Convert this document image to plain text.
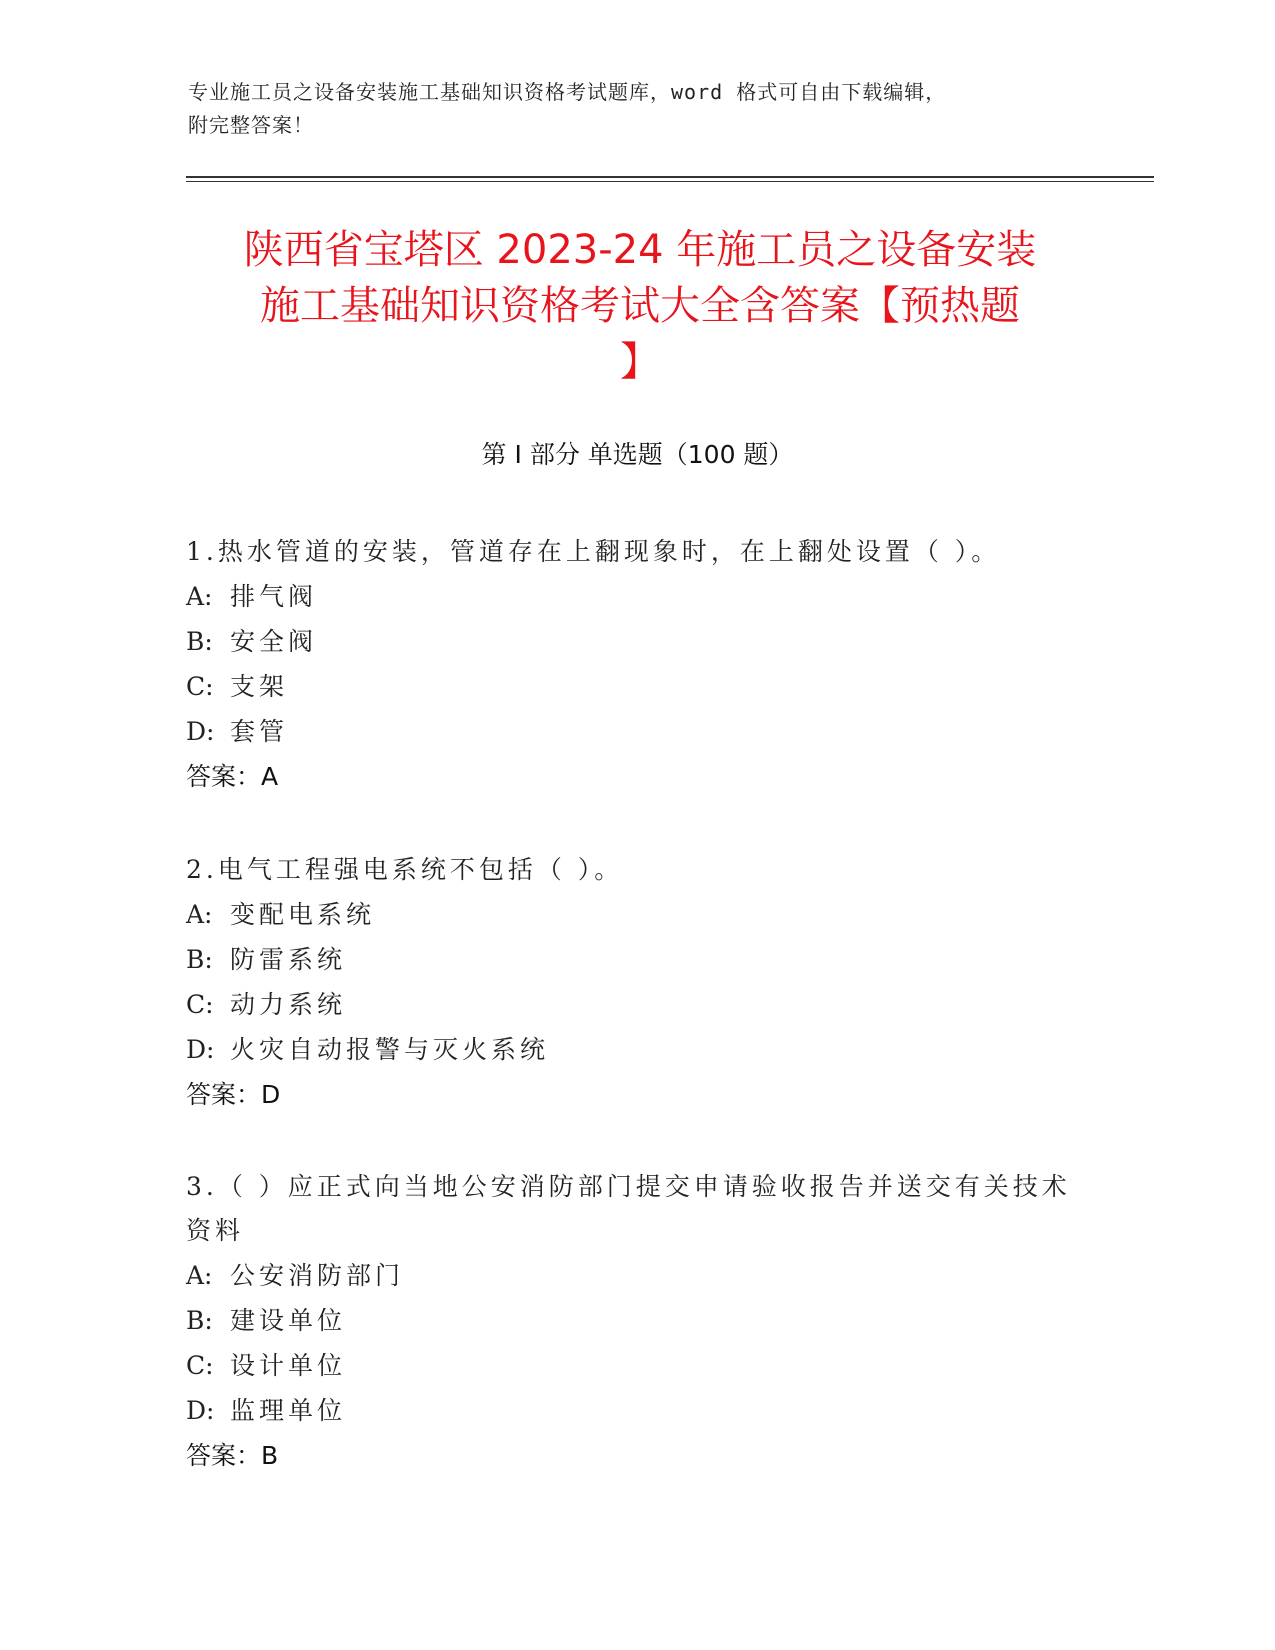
专业施工员之设备安装施工基础知识资格考试题库，word 格式可自由下载编辑，
附完整答案！
陕西省宝塔区 2023-24 年施工员之设备安装
施工基础知识资格考试大全含答案【预热题
】
第 I 部分 单选题（100 题）
1.热水管道的安装，管道存在上翻现象时，在上翻处设置（ ）。
A: 排气阀
B: 安全阀
C: 支架
D: 套管
答案：A
2.电气工程强电系统不包括（ ）。
A: 变配电系统
B: 防雷系统
C: 动力系统
D: 火灾自动报警与灭火系统
答案：D
3.（ ）应正式向当地公安消防部门提交申请验收报告并送交有关技术资料
A: 公安消防部门
B: 建设单位
C: 设计单位
D: 监理单位
答案：B
